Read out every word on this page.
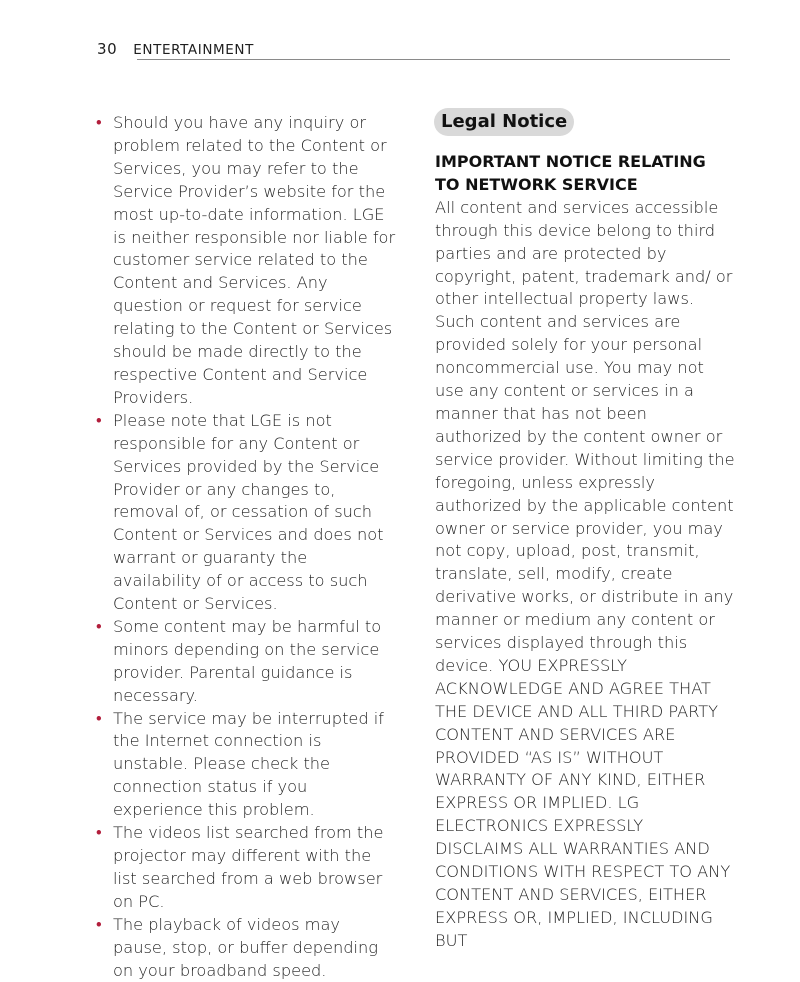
30 ENTERTAINMENT
• Should you have any inquiry or problem related to the Content or Services, you may refer to the Service Provider’s website for the most up-to-date information. LGE is neither responsible nor liable for customer service related to the Content and Services. Any question or request for service relating to the Content or Services should be made directly to the respective Content and Service Providers.
• Please note that LGE is not responsible for any Content or Services provided by the Service Provider or any changes to, removal of, or cessation of such Content or Services and does not warrant or guaranty the availability of or access to such Content or Services.
• Some content may be harmful to minors depending on the service provider. Parental guidance is necessary.
• The service may be interrupted if the Internet connection is unstable. Please check the connection status if you experience this problem.
• The videos list searched from the projector may different with the list searched from a web browser on PC.
• The playback of videos may pause, stop, or buffer depending on your broadband speed.
Legal Notice
IMPORTANT NOTICE RELATING TO NETWORK SERVICE

All content and services accessible through this device belong to third parties and are protected by copyright, patent, trademark and/ or other intellectual property laws. Such content and services are provided solely for your personal noncommercial use. You may not use any content or services in a manner that has not been authorized by the content owner or service provider. Without limiting the foregoing, unless expressly authorized by the applicable content owner or service provider, you may not copy, upload, post, transmit, translate, sell, modify, create derivative works, or distribute in any manner or medium any content or services displayed through this device. YOU EXPRESSLY ACKNOWLEDGE AND AGREE THAT THE DEVICE AND ALL THIRD PARTY CONTENT AND SERVICES ARE PROVIDED “AS IS” WITHOUT WARRANTY OF ANY KIND, EITHER EXPRESS OR IMPLIED. LG ELECTRONICS EXPRESSLY DISCLAIMS ALL WARRANTIES AND CONDITIONS WITH RESPECT TO ANY CONTENT AND SERVICES, EITHER EXPRESS OR, IMPLIED, INCLUDING BUT
